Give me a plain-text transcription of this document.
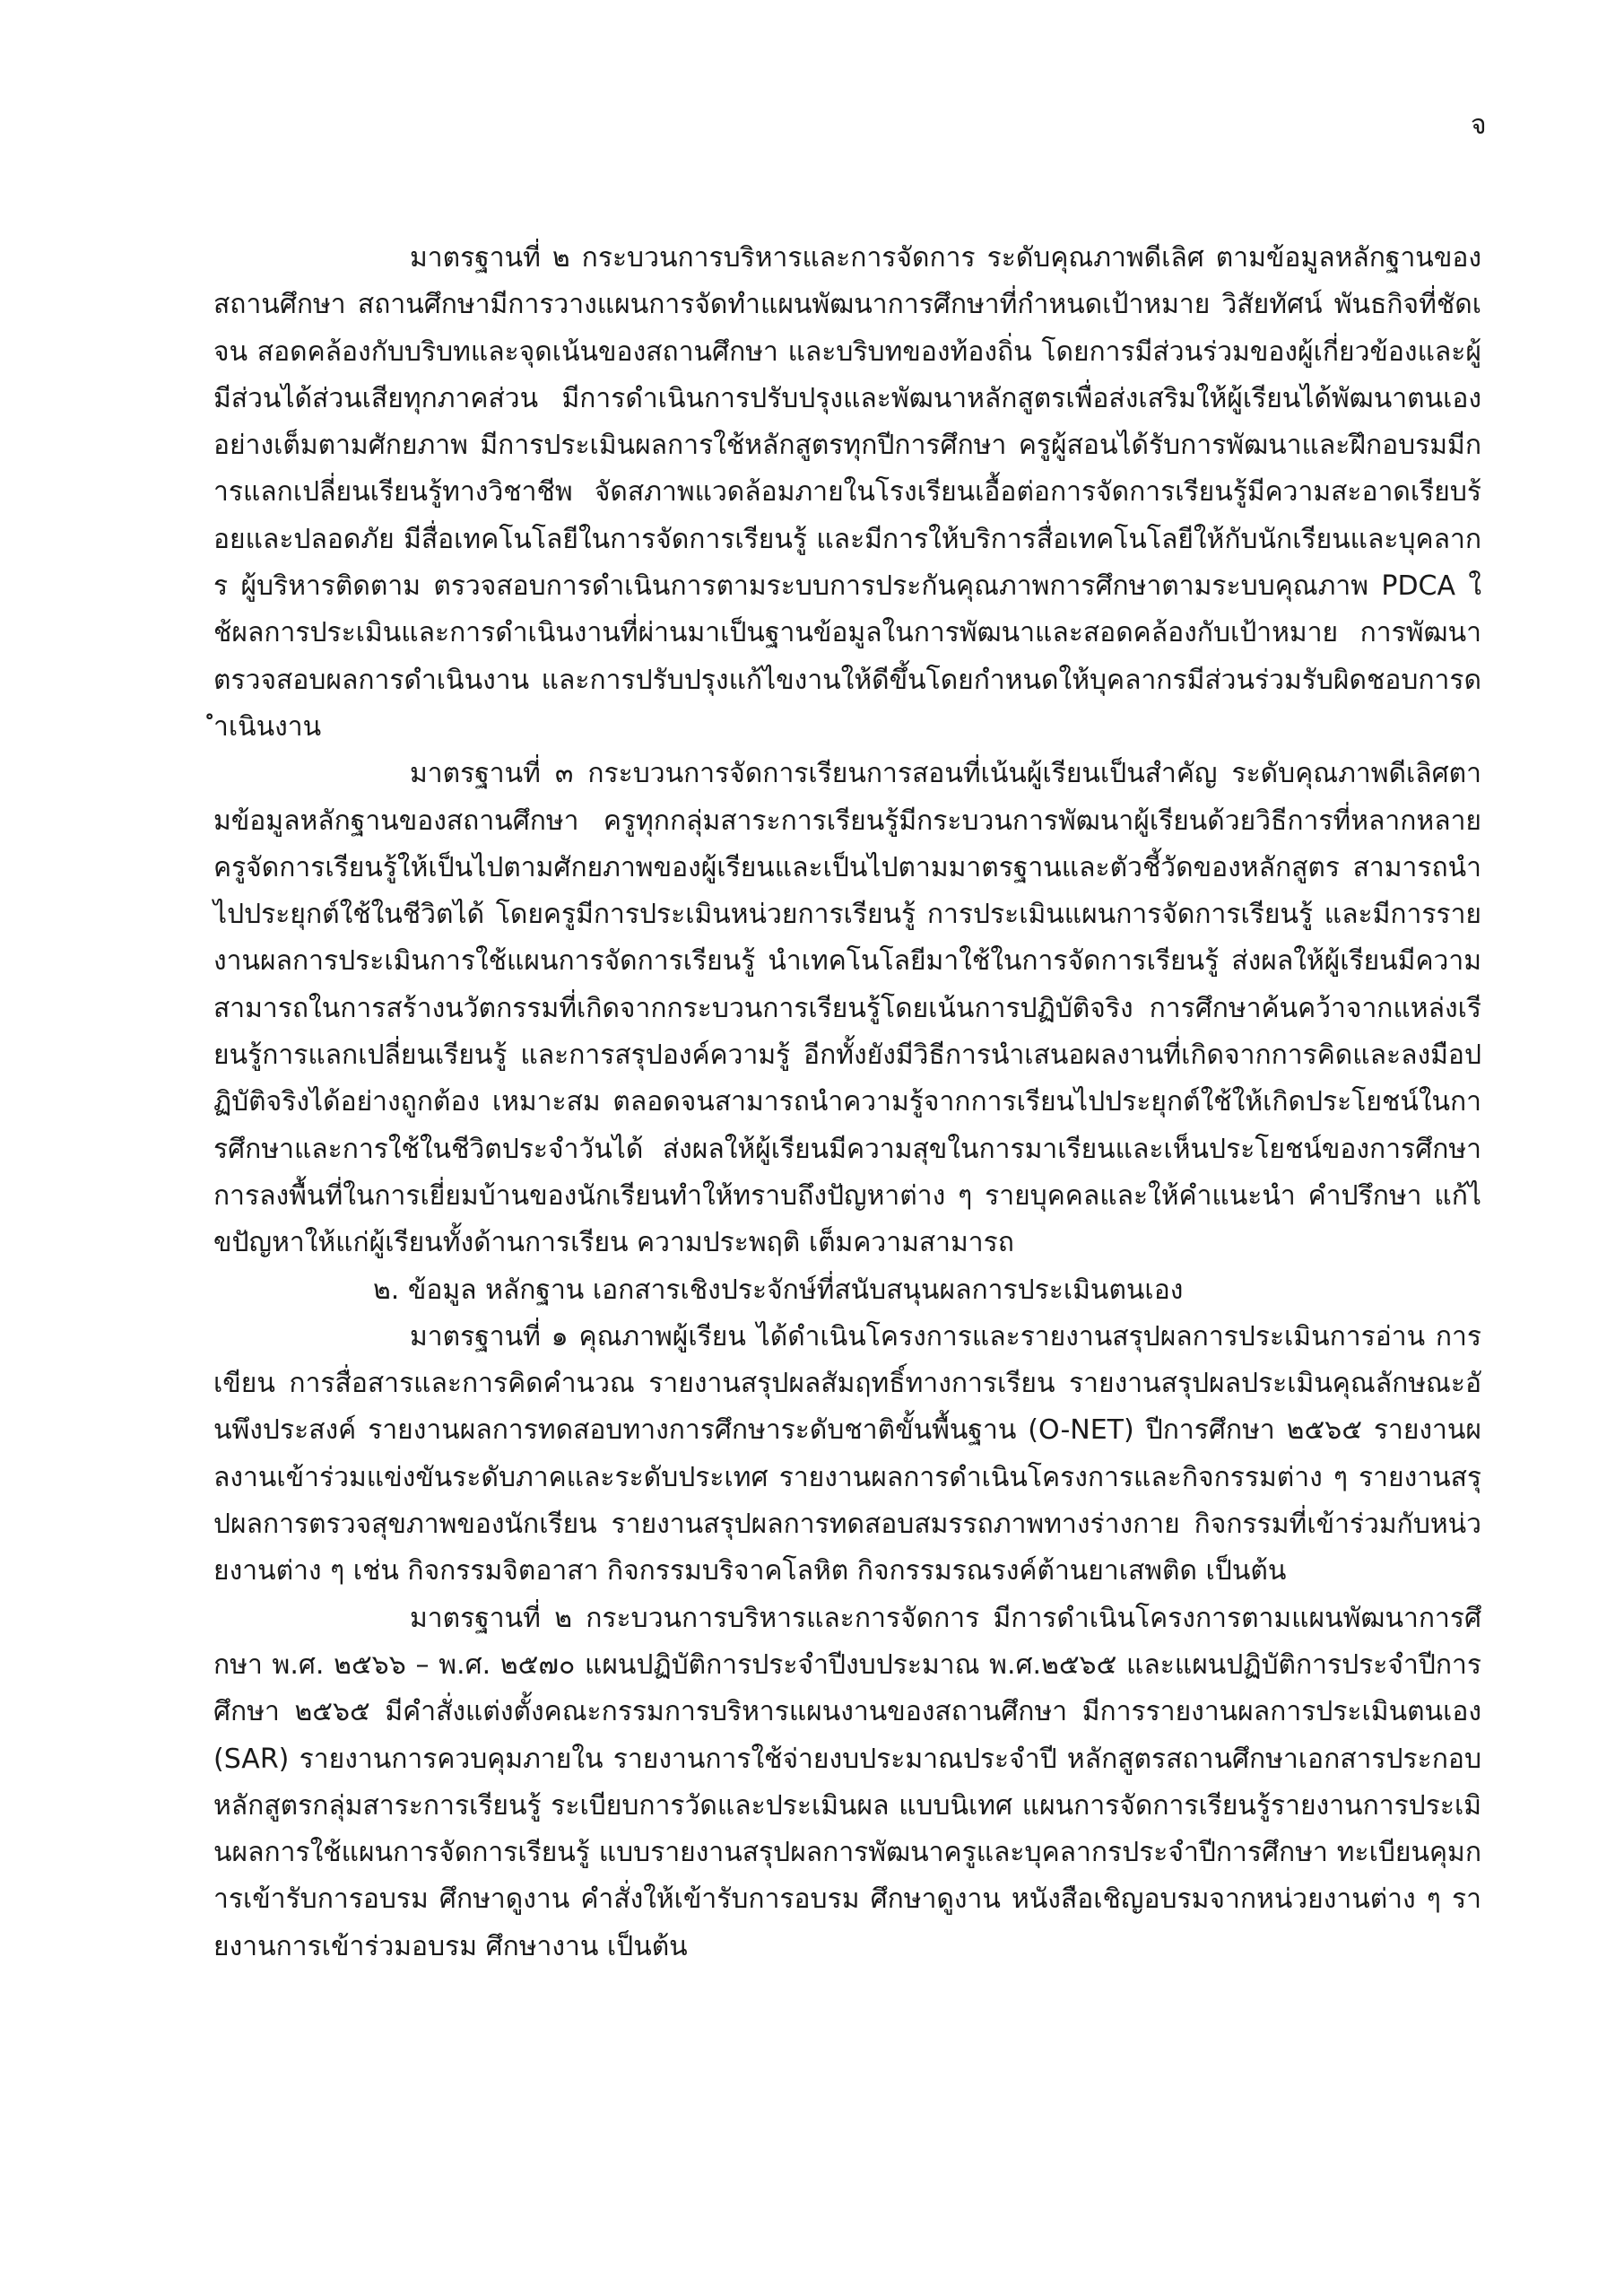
จ

มาตรฐานที่ ๒ กระบวนการบริหารและการจัดการ ระดับคุณภาพดีเลิศ ตามข้อมูลหลักฐานของสถานศึกษา สถานศึกษามีการวางแผนการจัดทำแผนพัฒนาการศึกษาที่กำหนดเป้าหมาย วิสัยทัศน์ พันธกิจที่ชัดเจน สอดคล้องกับบริบทและจุดเน้นของสถานศึกษา และบริบทของท้องถิ่น โดยการมีส่วนร่วมของผู้เกี่ยวข้องและผู้มีส่วนได้ส่วนเสียทุกภาคส่วน มีการดำเนินการปรับปรุงและพัฒนาหลักสูตรเพื่อส่งเสริมให้ผู้เรียนได้พัฒนาตนเองอย่างเต็มตามศักยภาพ มีการประเมินผลการใช้หลักสูตรทุกปีการศึกษา ครูผู้สอนได้รับการพัฒนาและฝึกอบรมมีการแลกเปลี่ยนเรียนรู้ทางวิชาชีพ จัดสภาพแวดล้อมภายในโรงเรียนเอื้อต่อการจัดการเรียนรู้มีความสะอาดเรียบร้อยและปลอดภัย มีสื่อเทคโนโลยีในการจัดการเรียนรู้ และมีการให้บริการสื่อเทคโนโลยีให้กับนักเรียนและบุคลากร ผู้บริหารติดตาม ตรวจสอบการดำเนินการตามระบบการประกันคุณภาพการศึกษาตามระบบคุณภาพ PDCA ใช้ผลการประเมินและการดำเนินงานที่ผ่านมาเป็นฐานข้อมูลในการพัฒนาและสอดคล้องกับเป้าหมาย การพัฒนา ตรวจสอบผลการดำเนินงาน และการปรับปรุงแก้ไขงานให้ดีขึ้นโดยกำหนดให้บุคลากรมีส่วนร่วมรับผิดชอบการดำเนินงาน

มาตรฐานที่ ๓ กระบวนการจัดการเรียนการสอนที่เน้นผู้เรียนเป็นสำคัญ ระดับคุณภาพดีเลิศตามข้อมูลหลักฐานของสถานศึกษา ครูทุกกลุ่มสาระการเรียนรู้มีกระบวนการพัฒนาผู้เรียนด้วยวิธีการที่หลากหลายครูจัดการเรียนรู้ให้เป็นไปตามศักยภาพของผู้เรียนและเป็นไปตามมาตรฐานและตัวชี้วัดของหลักสูตร สามารถนำไปประยุกต์ใช้ในชีวิตได้ โดยครูมีการประเมินหน่วยการเรียนรู้ การประเมินแผนการจัดการเรียนรู้ และมีการรายงานผลการประเมินการใช้แผนการจัดการเรียนรู้ นำเทคโนโลยีมาใช้ในการจัดการเรียนรู้ ส่งผลให้ผู้เรียนมีความสามารถในการสร้างนวัตกรรมที่เกิดจากกระบวนการเรียนรู้โดยเน้นการปฏิบัติจริง การศึกษาค้นคว้าจากแหล่งเรียนรู้การแลกเปลี่ยนเรียนรู้ และการสรุปองค์ความรู้ อีกทั้งยังมีวิธีการนำเสนอผลงานที่เกิดจากการคิดและลงมือปฏิบัติจริงได้อย่างถูกต้อง เหมาะสม ตลอดจนสามารถนำความรู้จากการเรียนไปประยุกต์ใช้ให้เกิดประโยชน์ในการศึกษาและการใช้ในชีวิตประจำวันได้ ส่งผลให้ผู้เรียนมีความสุขในการมาเรียนและเห็นประโยชน์ของการศึกษา การลงพื้นที่ในการเยี่ยมบ้านของนักเรียนทำให้ทราบถึงปัญหาต่าง ๆ รายบุคคลและให้คำแนะนำ คำปรึกษา แก้ไขปัญหาให้แก่ผู้เรียนทั้งด้านการเรียน ความประพฤติ เต็มความสามารถ

๒. ข้อมูล หลักฐาน เอกสารเชิงประจักษ์ที่สนับสนุนผลการประเมินตนเอง

มาตรฐานที่ ๑ คุณภาพผู้เรียน ได้ดำเนินโครงการและรายงานสรุปผลการประเมินการอ่าน การเขียน การสื่อสารและการคิดคำนวณ รายงานสรุปผลสัมฤทธิ์ทางการเรียน รายงานสรุปผลประเมินคุณลักษณะอันพึงประสงค์ รายงานผลการทดสอบทางการศึกษาระดับชาติขั้นพื้นฐาน (O-NET) ปีการศึกษา ๒๕๖๕ รายงานผลงานเข้าร่วมแข่งขันระดับภาคและระดับประเทศ รายงานผลการดำเนินโครงการและกิจกรรมต่าง ๆ รายงานสรุปผลการตรวจสุขภาพของนักเรียน รายงานสรุปผลการทดสอบสมรรถภาพทางร่างกาย กิจกรรมที่เข้าร่วมกับหน่วยงานต่าง ๆ เช่น กิจกรรมจิตอาสา กิจกรรมบริจาคโลหิต กิจกรรมรณรงค์ต้านยาเสพติด เป็นต้น

มาตรฐานที่ ๒ กระบวนการบริหารและการจัดการ มีการดำเนินโครงการตามแผนพัฒนาการศึกษา พ.ศ. ๒๕๖๖ – พ.ศ. ๒๕๗๐ แผนปฏิบัติการประจำปีงบประมาณ พ.ศ.๒๕๖๕ และแผนปฏิบัติการประจำปีการศึกษา ๒๕๖๕ มีคำสั่งแต่งตั้งคณะกรรมการบริหารแผนงานของสถานศึกษา มีการรายงานผลการประเมินตนเอง (SAR) รายงานการควบคุมภายใน รายงานการใช้จ่ายงบประมาณประจำปี หลักสูตรสถานศึกษาเอกสารประกอบหลักสูตรกลุ่มสาระการเรียนรู้ ระเบียบการวัดและประเมินผล แบบนิเทศ แผนการจัดการเรียนรู้รายงานการประเมินผลการใช้แผนการจัดการเรียนรู้ แบบรายงานสรุปผลการพัฒนาครูและบุคลากรประจำปีการศึกษา ทะเบียนคุมการเข้ารับการอบรม ศึกษาดูงาน คำสั่งให้เข้ารับการอบรม ศึกษาดูงาน หนังสือเชิญอบรมจากหน่วยงานต่าง ๆ รายงานการเข้าร่วมอบรม ศึกษางาน เป็นต้น
